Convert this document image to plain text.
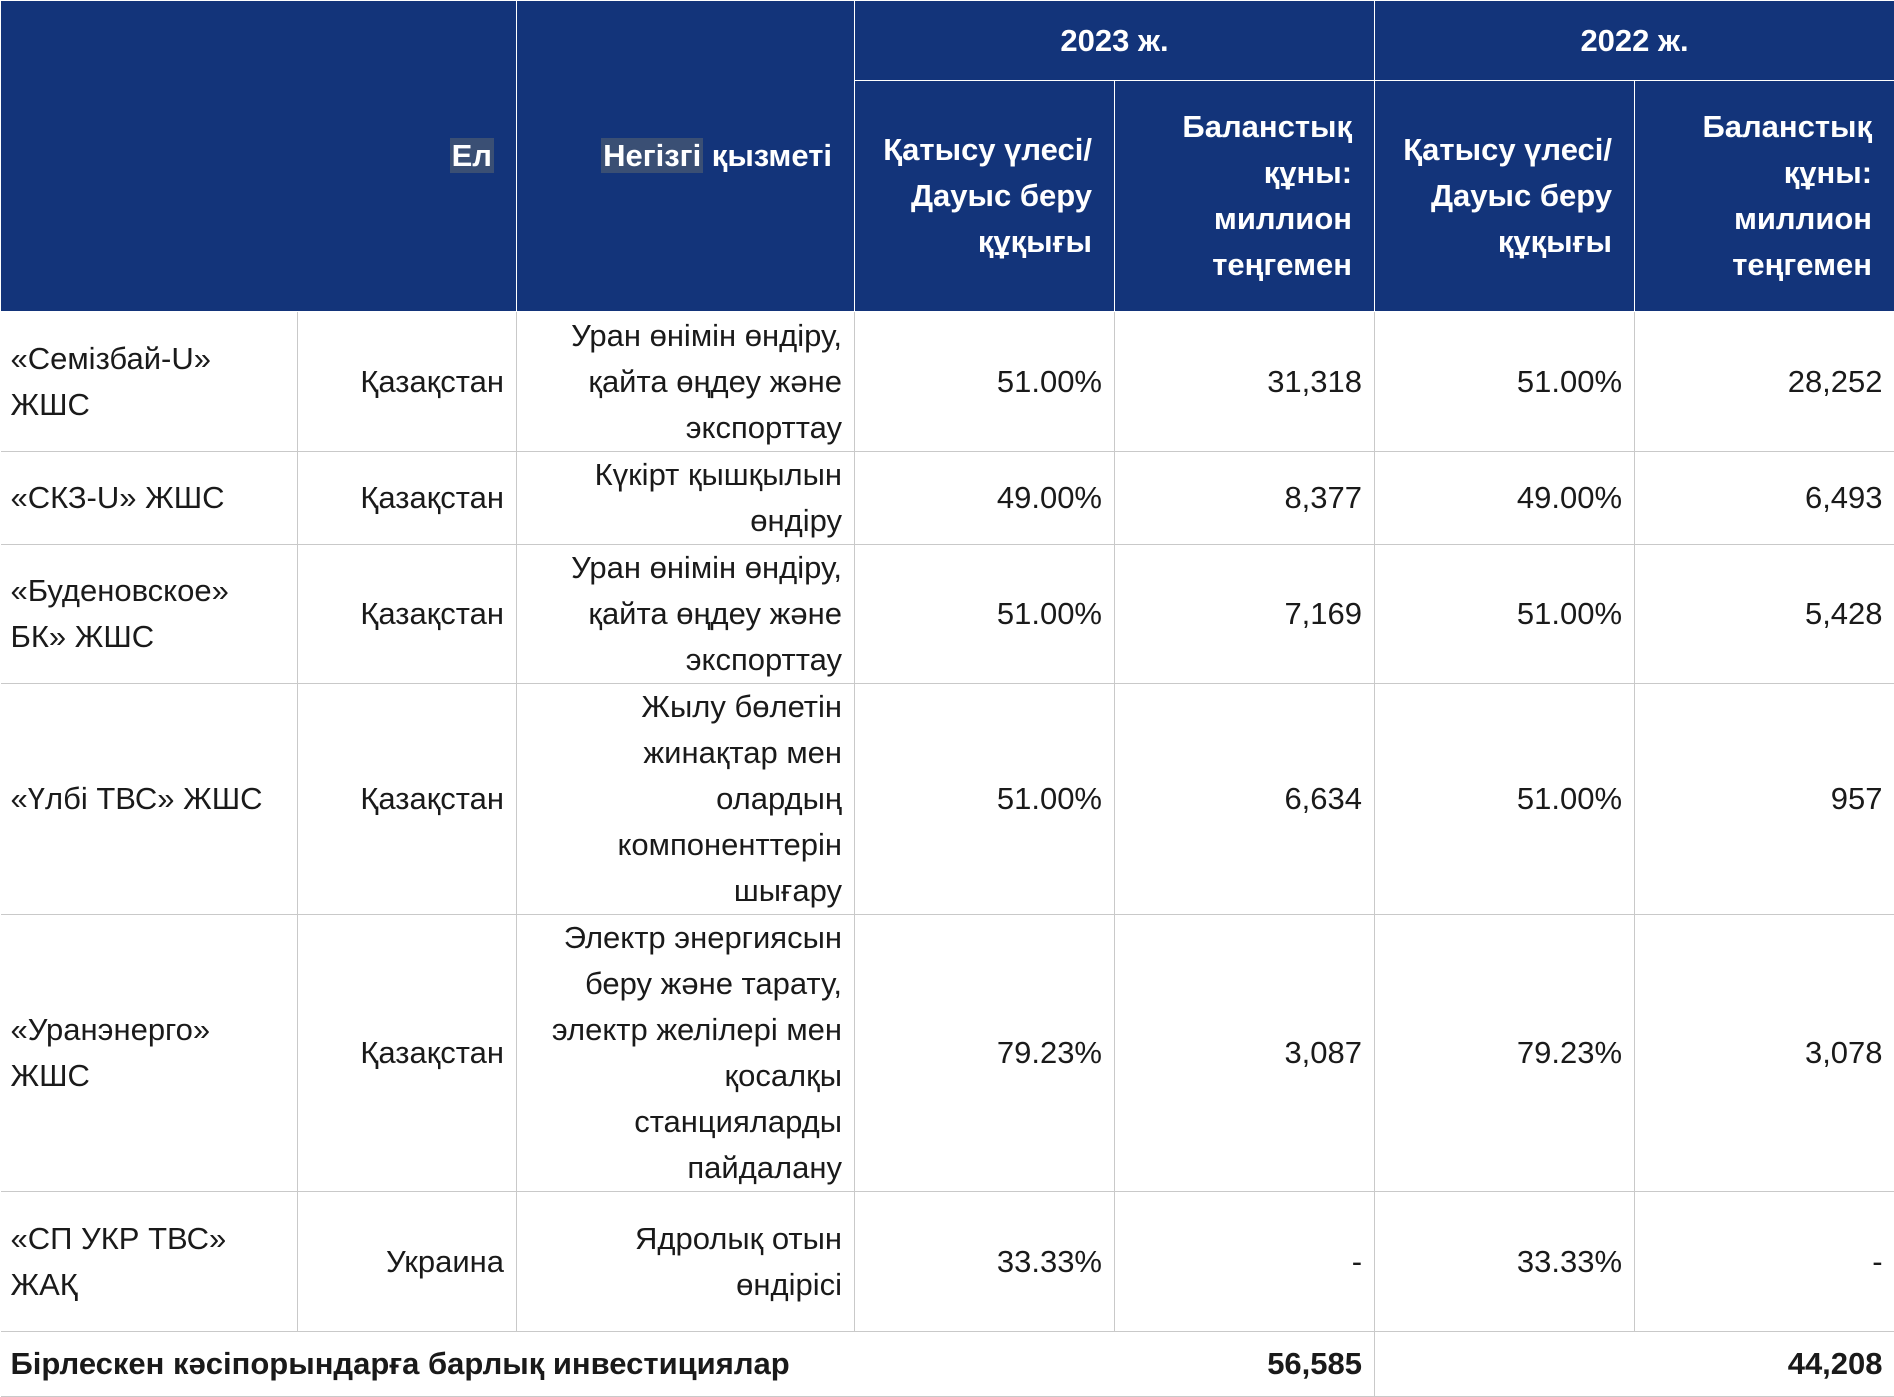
Ел		Негізгі қызметі	2023 ж.		2022 ж.	
			Қатысу үлесі/Дауыс беру құқығы	Баланстық құны: миллион теңгемен	Қатысу үлесі/Дауыс беру құқығы	Баланстық құны: миллион теңгемен
«Семізбай-U» ЖШС	Қазақстан	Уран өнімін өндіру, қайта өңдеу және экспорттау	51.00%	31,318	51.00%	28,252
«СКЗ-U» ЖШС	Қазақстан	Күкірт қышқылын өндіру	49.00%	8,377	49.00%	6,493
«Буденовское» БК» ЖШС	Қазақстан	Уран өнімін өндіру, қайта өңдеу және экспорттау	51.00%	7,169	51.00%	5,428
«Үлбі ТВС» ЖШС	Қазақстан	Жылу бөлетін жинақтар мен олардың компоненттерін шығару	51.00%	6,634	51.00%	957
«Уранэнерго» ЖШС	Қазақстан	Электр энергиясын беру және тарату, электр желілері мен қосалқы станцияларды пайдалану	79.23%	3,087	79.23%	3,078
«СП УКР ТВС» ЖАҚ	Украина	Ядролық отын өндірісі	33.33%	-	33.33%	-
Бірлескен кәсіпорындарға барлық инвестициялар				56,585		44,208
